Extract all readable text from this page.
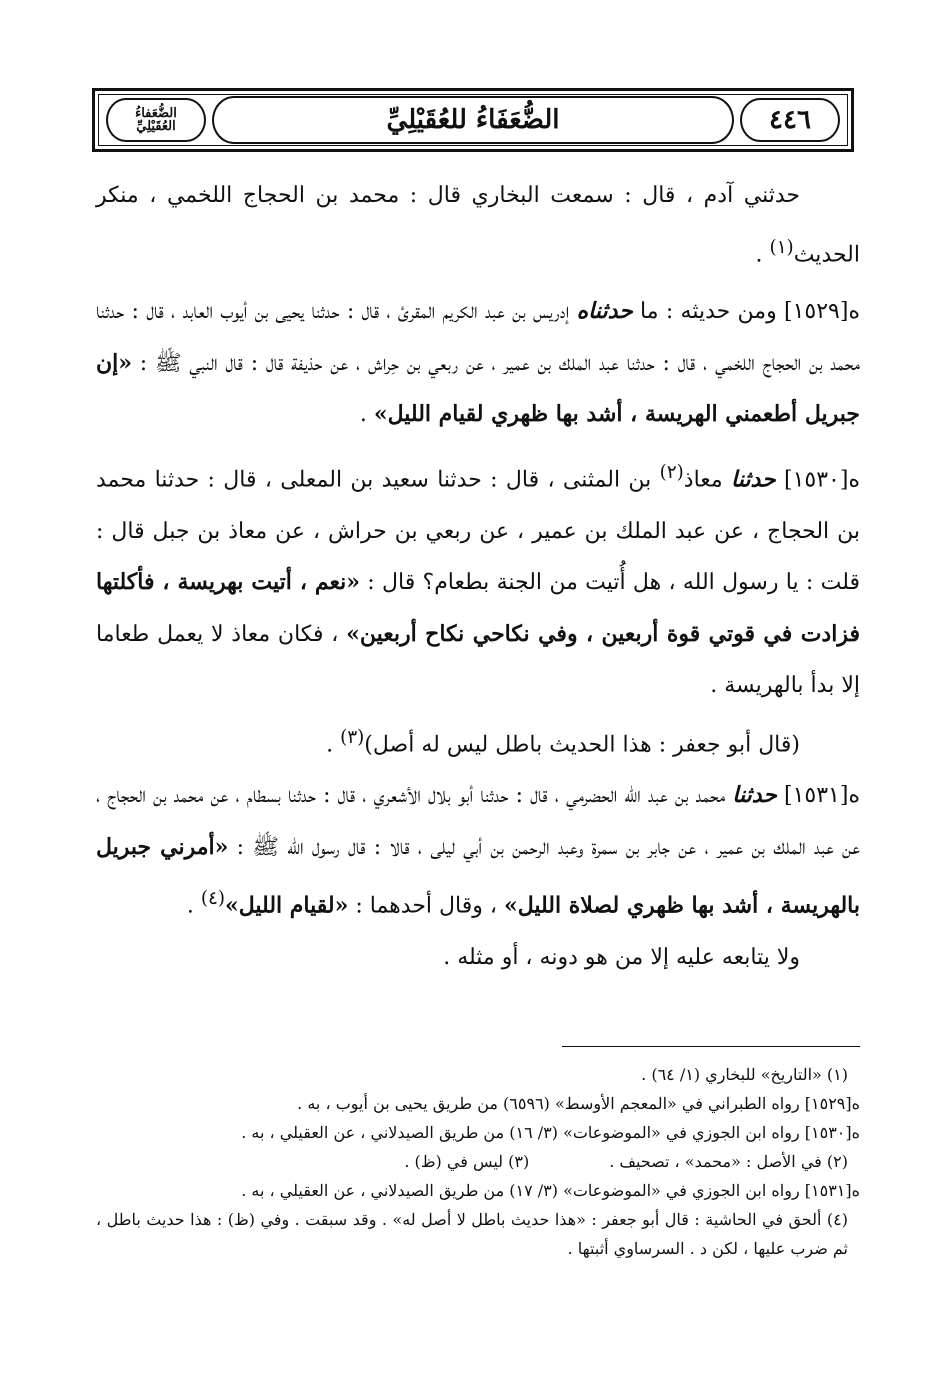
الضُّعَفاءُ
العُقَيْلِيِّ	الضُّعَفَاءُ للعُقَيْلِيِّ	٤٤٦

حدثني آدم ، قال : سمعت البخاري قال : محمد بن الحجاج اللخمي ، منكر الحديث$^{(١)}$ .

ه[١٥٢٩] ومن حديثه : ما حدثناه إدريس بن عبد الكريم المقرئ ، قال : حدثنا يحيى بن أيوب العابد ، قال : حدثنا محمد بن الحجاج اللخمي ، قال : حدثنا عبد الملك بن عمير ، عن ربعي بن حِراش ، عن حذيفة قال : قال النبي ﷺ : «إن جبريل أطعمني الهريسة ، أشد بها ظهري لقيام الليل» .

ه[١٥٣٠] حدثنا معاذ$^{(٢)}$ بن المثنى ، قال : حدثنا سعيد بن المعلى ، قال : حدثنا محمد بن الحجاج ، عن عبد الملك بن عمير ، عن ربعي بن حراش ، عن معاذ بن جبل قال : قلت : يا رسول الله ، هل أُتيت من الجنة بطعام؟ قال : «نعم ، أتيت بهريسة ، فأكلتها فزادت في قوتي قوة أربعين ، وفي نكاحي نكاح أربعين» ، فكان معاذ لا يعمل طعاما إلا بدأ بالهريسة .

(قال أبو جعفر : هذا الحديث باطل ليس له أصل)$^{(٣)}$ .

ه[١٥٣١] حدثنا محمد بن عبد الله الحضرمي ، قال : حدثنا أبو بلال الأشعري ، قال : حدثنا بسطام ، عن محمد بن الحجاج ، عن عبد الملك بن عمير ، عن جابر بن سمرة وعبد الرحمن بن أبي ليلى ، قالا : قال رسول الله ﷺ : «أمرني جبريل بالهريسة ، أشد بها ظهري لصلاة الليل» ، وقال أحدهما : «لقيام الليل»$^{(٤)}$ .

ولا يتابعه عليه إلا من هو دونه ، أو مثله .

(١) «التاريخ» للبخاري (١/ ٦٤) .

ه[١٥٢٩] رواه الطبراني في «المعجم الأوسط» (٦٥٩٦) من طريق يحيى بن أيوب ، به .

ه[١٥٣٠] رواه ابن الجوزي في «الموضوعات» (٣/ ١٦) من طريق الصيدلاني ، عن العقيلي ، به .

(٢) في الأصل : «محمد» ، تصحيف .
(٣) ليس في (ظ) .

ه[١٥٣١] رواه ابن الجوزي في «الموضوعات» (٣/ ١٧) من طريق الصيدلاني ، عن العقيلي ، به .

(٤) ألحق في الحاشية : قال أبو جعفر : «هذا حديث باطل لا أصل له» . وقد سبقت . وفي (ظ) : هذا حديث باطل ، ثم ضرب عليها ، لكن د . السرساوي أثبتها .
